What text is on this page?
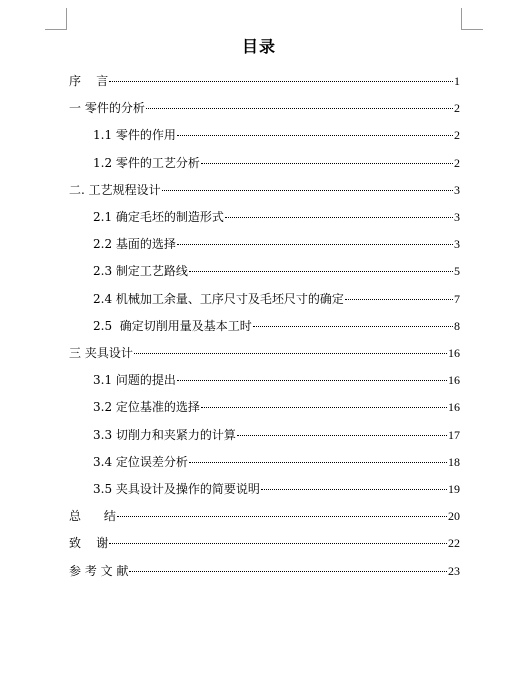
目录
序    言	1
一 零件的分析	2
1.1 零件的作用	2
1.2 零件的工艺分析	2
二. 工艺规程设计	3
2.1 确定毛坯的制造形式	3
2.2 基面的选择	3
2.3 制定工艺路线	5
2.4 机械加工余量、工序尺寸及毛坯尺寸的确定	7
2.5  确定切削用量及基本工时	8
三 夹具设计	16
3.1 问题的提出	16
3.2 定位基准的选择	16
3.3 切削力和夹紧力的计算	17
3.4 定位误差分析	18
3.5 夹具设计及操作的简要说明	19
总      结	20
致    谢	22
参 考 文 献	23
